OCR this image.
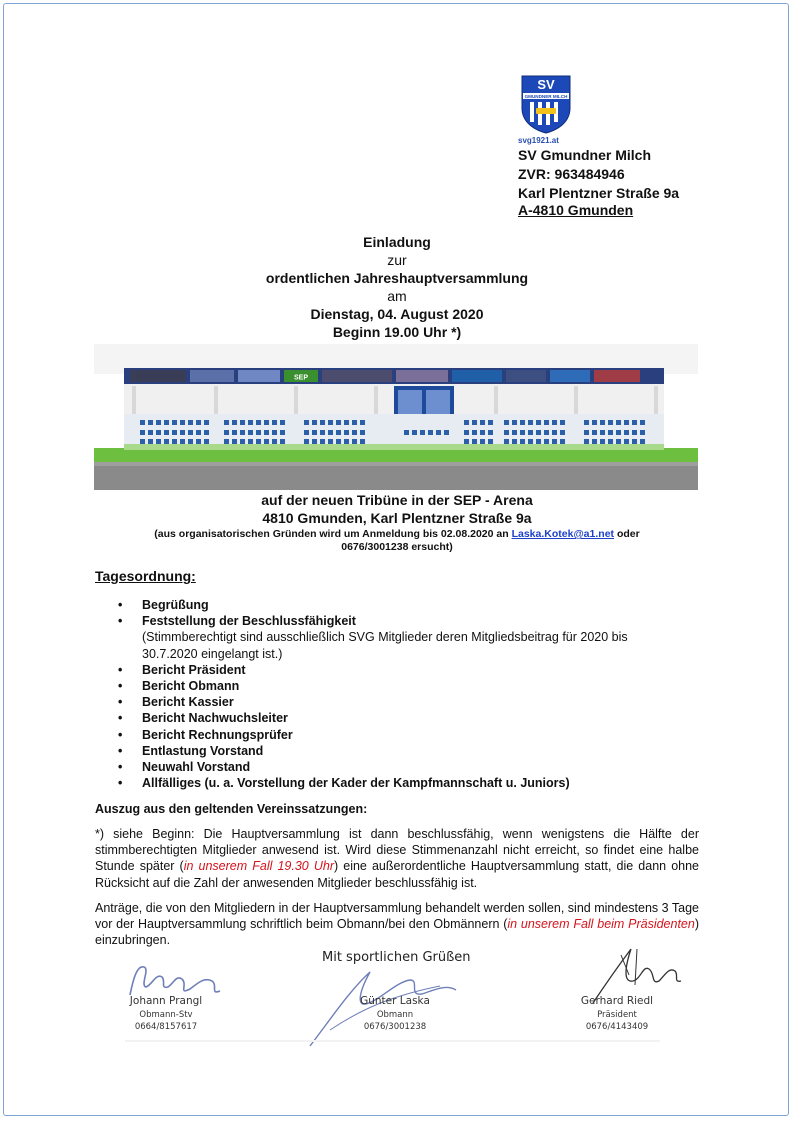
SV
GMUNDNER MILCH
svg1921.at
SV Gmundner Milch
ZVR: 963484946
Karl Plentzner Straße 9a
A-4810 Gmunden
Einladung
zur
ordentlichen Jahreshauptversammlung
am
Dienstag, 04. August 2020
Beginn 19.00 Uhr *)
SEP
auf der neuen Tribüne in der SEP - Arena
4810 Gmunden, Karl Plentzner Straße 9a
(aus organisatorischen Gründen wird um Anmeldung bis 02.08.2020 an Laska.Kotek@a1.net oder
0676/3001238 ersucht)
Tagesordnung:
• Begrüßung
• Feststellung der Beschlussfähigkeit
(Stimmberechtigt sind ausschließlich SVG Mitglieder deren Mitgliedsbeitrag für 2020 bis 30.7.2020 eingelangt ist.)
• Bericht Präsident
• Bericht Obmann
• Bericht Kassier
• Bericht Nachwuchsleiter
• Bericht Rechnungsprüfer
• Entlastung Vorstand
• Neuwahl Vorstand
• Allfälliges (u. a. Vorstellung der Kader der Kampfmannschaft u. Juniors)
Auszug aus den geltenden Vereinssatzungen:
*) siehe Beginn: Die Hauptversammlung ist dann beschlussfähig, wenn wenigstens die Hälfte der stimmberechtigten Mitglieder anwesend ist. Wird diese Stimmenanzahl nicht erreicht, so findet eine halbe Stunde später (in unserem Fall 19.30 Uhr) eine außerordentliche Hauptversammlung statt, die dann ohne Rücksicht auf die Zahl der anwesenden Mitglieder beschlussfähig ist.
Anträge, die von den Mitgliedern in der Hauptversammlung behandelt werden sollen, sind mindestens 3 Tage vor der Hauptversammlung schriftlich beim Obmann/bei den Obmännern (in unserem Fall beim Präsidenten) einzubringen.
Mit sportlichen Grüßen
Johann Prangl
Obmann-Stv
0664/8157617
Günter Laska
Obmann
0676/3001238
Gerhard Riedl
Präsident
0676/4143409
